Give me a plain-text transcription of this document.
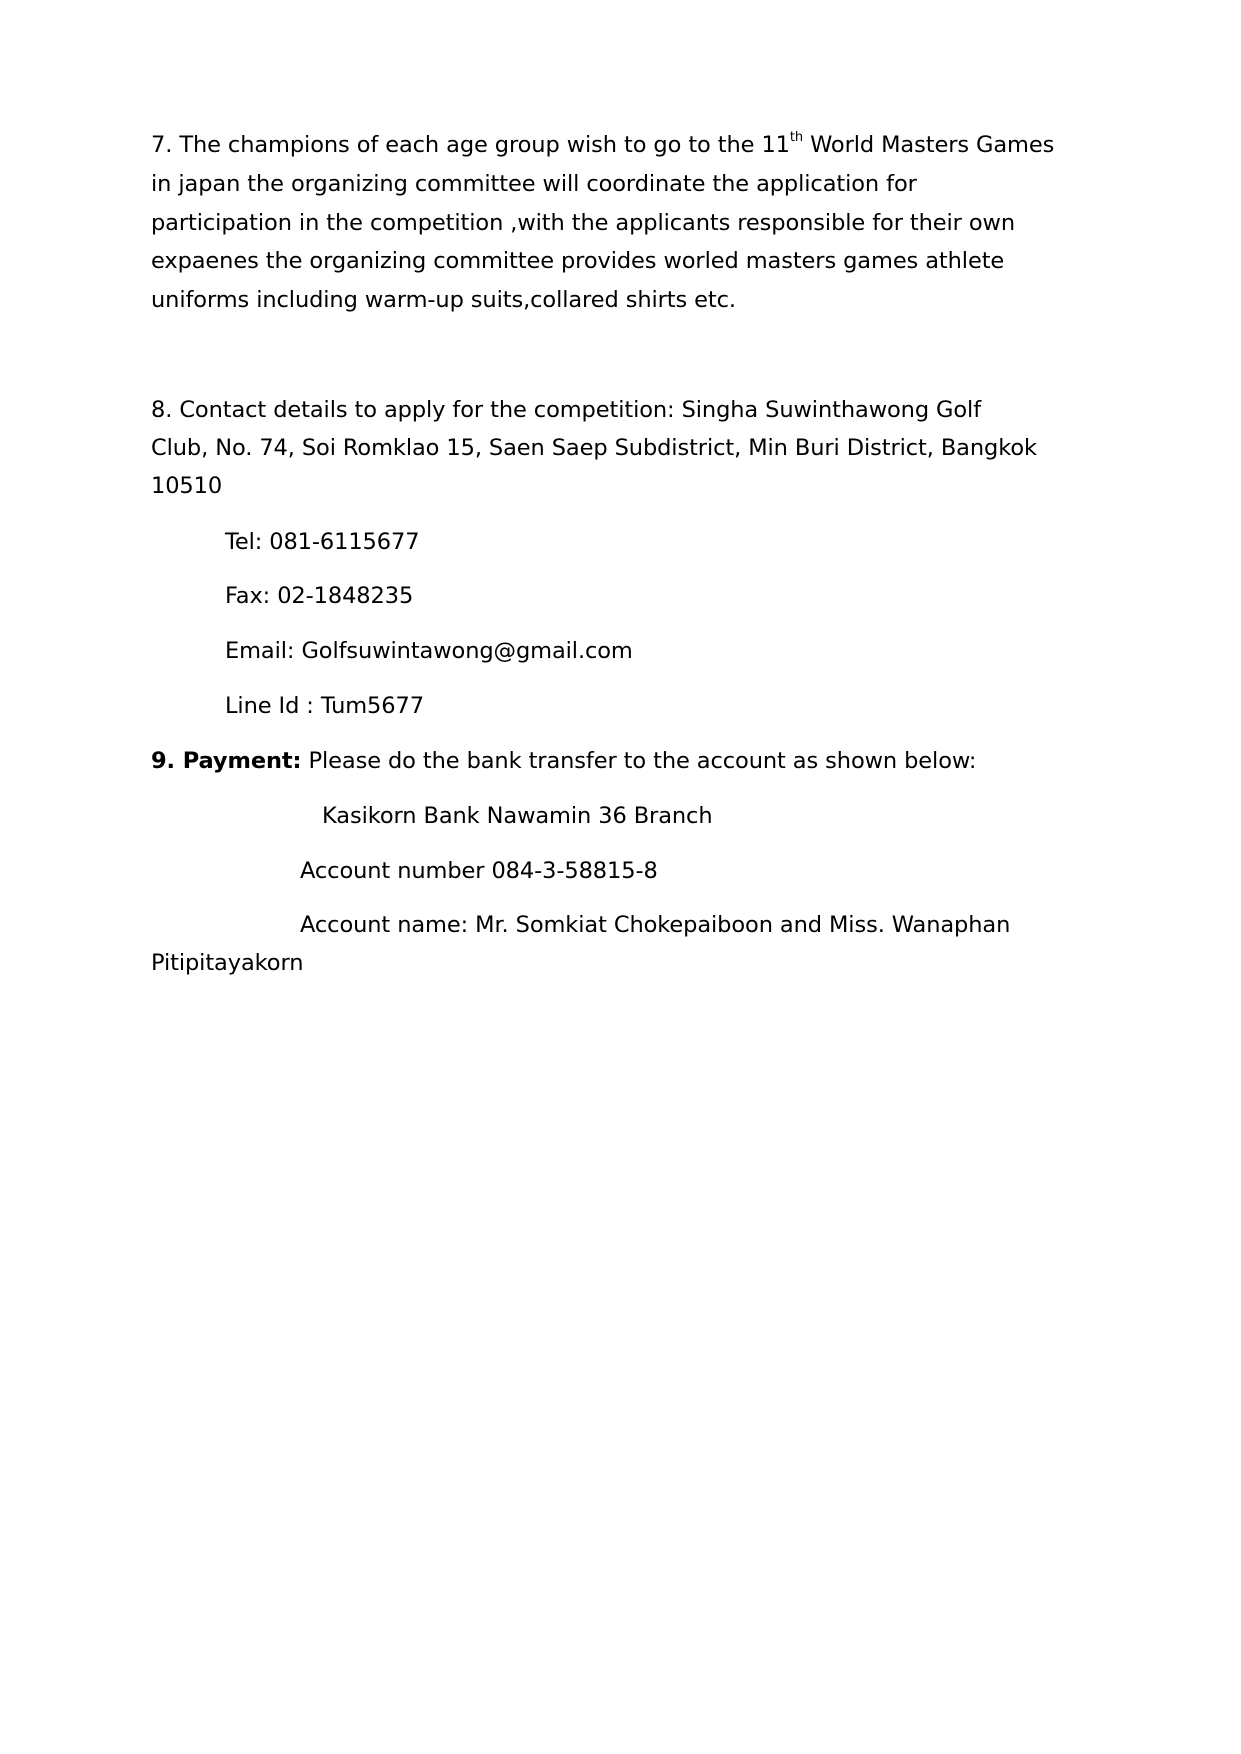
7. The champions of each age group wish to go to the 11th World Masters Games
in japan the organizing committee will coordinate the application for
participation in the competition ,with the applicants responsible for their own
expaenes the organizing committee provides worled masters games athlete
uniforms including warm-up suits,collared shirts etc.
8. Contact details to apply for the competition: Singha Suwinthawong Golf
Club, No. 74, Soi Romklao 15, Saen Saep Subdistrict, Min Buri District, Bangkok
10510
Tel: 081-6115677
Fax: 02-1848235
Email: Golfsuwintawong@gmail.com
Line Id : Tum5677
9. Payment: Please do the bank transfer to the account as shown below:
Kasikorn Bank Nawamin 36 Branch
Account number 084-3-58815-8
Account name: Mr. Somkiat Chokepaiboon and Miss. Wanaphan
Pitipitayakorn
